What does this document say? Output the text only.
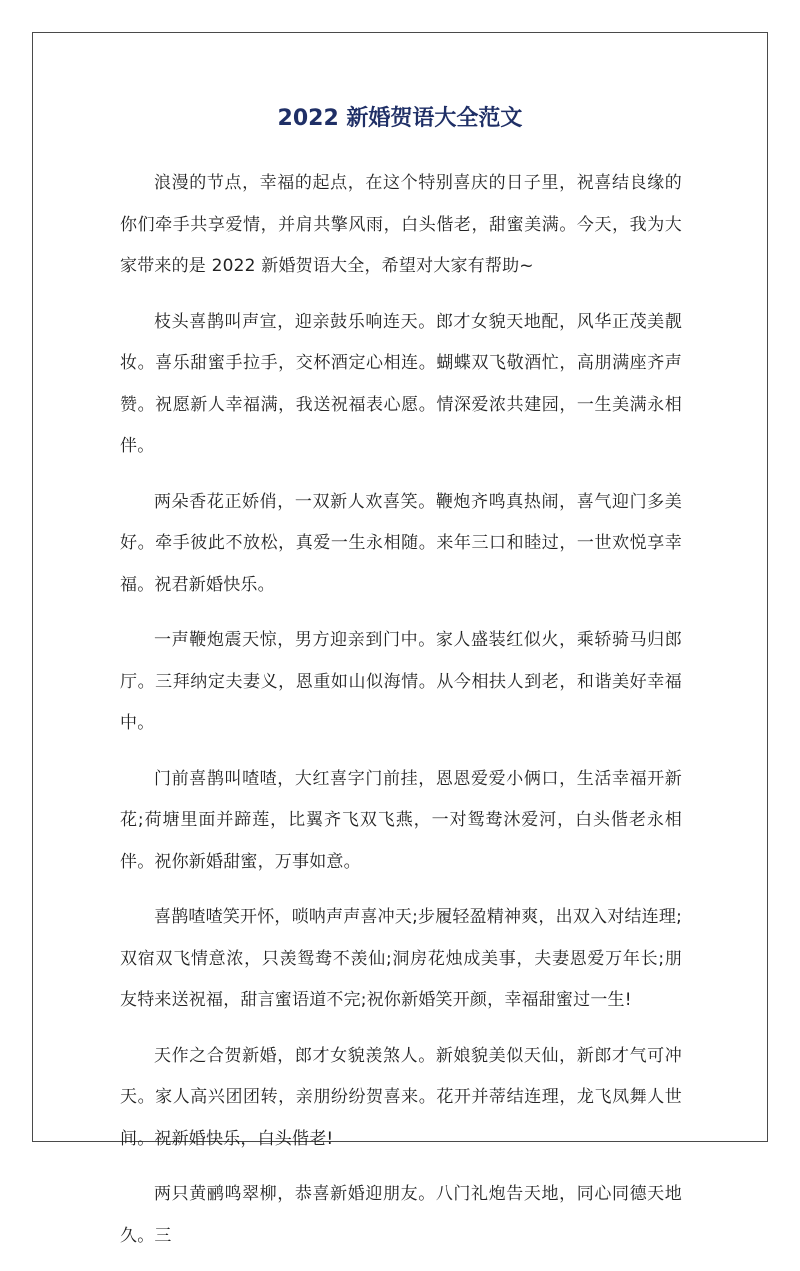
2022 新婚贺语大全范文

浪漫的节点，幸福的起点，在这个特别喜庆的日子里，祝喜结良缘的你们牵手共享爱情，并肩共擎风雨，白头偕老，甜蜜美满。今天，我为大家带来的是 2022 新婚贺语大全，希望对大家有帮助~

枝头喜鹊叫声宣，迎亲鼓乐响连天。郎才女貌天地配，风华正茂美靓妆。喜乐甜蜜手拉手，交杯酒定心相连。蝴蝶双飞敬酒忙，高朋满座齐声赞。祝愿新人幸福满，我送祝福表心愿。情深爱浓共建园，一生美满永相伴。

两朵香花正娇俏，一双新人欢喜笑。鞭炮齐鸣真热闹，喜气迎门多美好。牵手彼此不放松，真爱一生永相随。来年三口和睦过，一世欢悦享幸福。祝君新婚快乐。

一声鞭炮震天惊，男方迎亲到门中。家人盛装红似火，乘轿骑马归郎厅。三拜纳定夫妻义，恩重如山似海情。从今相扶人到老，和谐美好幸福中。

门前喜鹊叫喳喳，大红喜字门前挂，恩恩爱爱小俩口，生活幸福开新花;荷塘里面并蹄莲，比翼齐飞双飞燕，一对鸳鸯沐爱河，白头偕老永相伴。祝你新婚甜蜜，万事如意。

喜鹊喳喳笑开怀，唢呐声声喜冲天;步履轻盈精神爽，出双入对结连理;双宿双飞情意浓，只羡鸳鸯不羡仙;洞房花烛成美事，夫妻恩爱万年长;朋友特来送祝福，甜言蜜语道不完;祝你新婚笑开颜，幸福甜蜜过一生!

天作之合贺新婚，郎才女貌羡煞人。新娘貌美似天仙，新郎才气可冲天。家人高兴团团转，亲朋纷纷贺喜来。花开并蒂结连理，龙飞凤舞人世间。祝新婚快乐，白头偕老!

两只黄鹂鸣翠柳，恭喜新婚迎朋友。八门礼炮告天地，同心同德天地久。三
